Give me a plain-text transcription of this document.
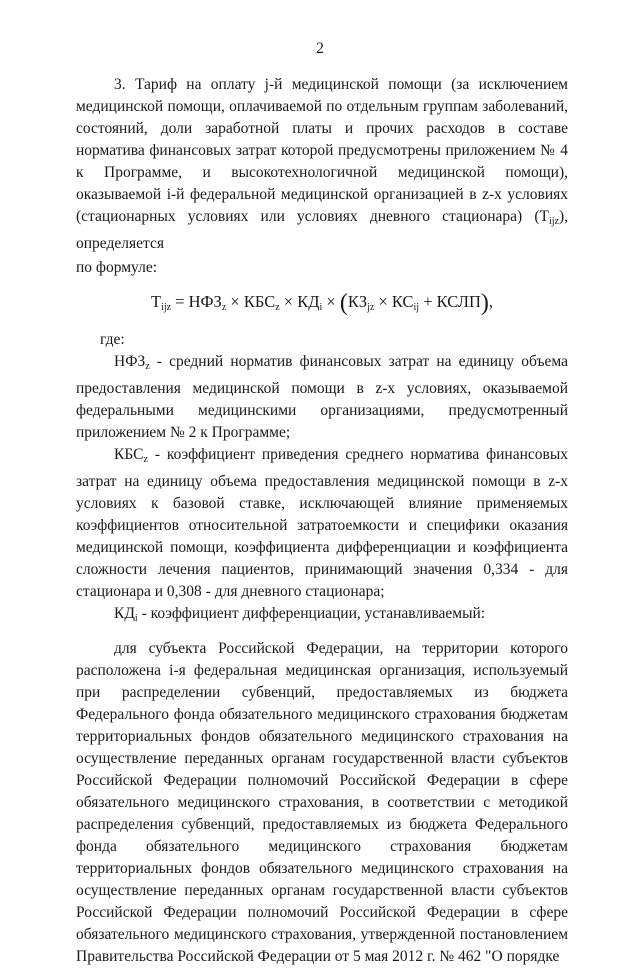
2

3. Тариф на оплату j-й медицинской помощи (за исключением медицинской помощи, оплачиваемой по отдельным группам заболеваний, состояний, доли заработной платы и прочих расходов в составе норматива финансовых затрат которой предусмотрены приложением № 4 к Программе, и высокотехнологичной медицинской помощи), оказываемой i-й федеральной медицинской организацией в z-х условиях (стационарных условиях или условиях дневного стационара) $(T_{ijz})$, определяется

по формуле:

$T_{ijz} = НФЗ_z \times КБС_z \times КД_i \times (КЗ_{jz} \times КС_{ij}$ + КСЛП),

где:

$НФЗ_z$ - средний норматив финансовых затрат на единицу объема предоставления медицинской помощи в z-х условиях, оказываемой федеральными медицинскими организациями, предусмотренный приложением № 2 к Программе;

$КБС_z$ - коэффициент приведения среднего норматива финансовых затрат на единицу объема предоставления медицинской помощи в z-х условиях к базовой ставке, исключающей влияние применяемых коэффициентов относительной затратоемкости и специфики оказания медицинской помощи, коэффициента дифференциации и коэффициента сложности лечения пациентов, принимающий значения 0,334 - для стационара и 0,308 - для дневного стационара;

$КД_i$ - коэффициент дифференциации, устанавливаемый:

для субъекта Российской Федерации, на территории которого расположена i-я федеральная медицинская организация, используемый при распределении субвенций, предоставляемых из бюджета Федерального фонда обязательного медицинского страхования бюджетам территориальных фондов обязательного медицинского страхования на осуществление переданных органам государственной власти субъектов Российской Федерации полномочий Российской Федерации в сфере обязательного медицинского страхования, в соответствии с методикой распределения субвенций, предоставляемых из бюджета Федерального фонда обязательного медицинского страхования бюджетам территориальных фондов обязательного медицинского страхования на осуществление переданных органам государственной власти субъектов Российской Федерации полномочий Российской Федерации в сфере обязательного медицинского страхования, утвержденной постановлением Правительства Российской Федерации от 5 мая 2012 г. № 462 "О порядке
